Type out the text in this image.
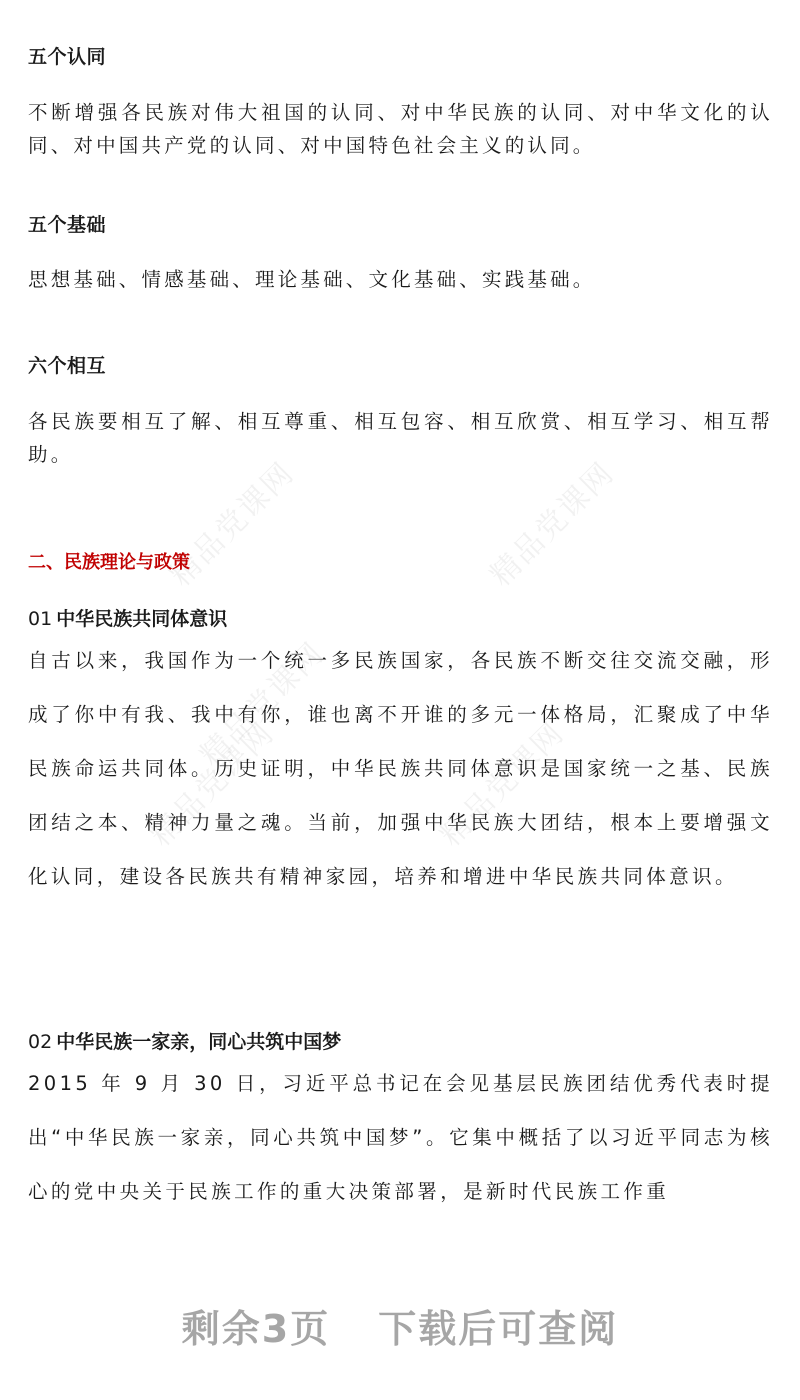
精品党课网	精品党课网
精品党课网	精品党课网
精品党课网
五个认同
不断增强各民族对伟大祖国的认同、对中华民族的认同、对中华文化的认同、对中国共产党的认同、对中国特色社会主义的认同。
五个基础
思想基础、情感基础、理论基础、文化基础、实践基础。
六个相互
各民族要相互了解、相互尊重、相互包容、相互欣赏、相互学习、相互帮助。
二、民族理论与政策
01 中华民族共同体意识
自古以来，我国作为一个统一多民族国家，各民族不断交往交流交融，形成了你中有我、我中有你，谁也离不开谁的多元一体格局，汇聚成了中华民族命运共同体。历史证明，中华民族共同体意识是国家统一之基、民族团结之本、精神力量之魂。当前，加强中华民族大团结，根本上要增强文化认同，建设各民族共有精神家园，培养和增进中华民族共同体意识。
02 中华民族一家亲，同心共筑中国梦
2015 年 9 月 30 日，习近平总书记在会见基层民族团结优秀代表时提出“中华民族一家亲，同心共筑中国梦”。它集中概括了以习近平同志为核心的党中央关于民族工作的重大决策部署，是新时代民族工作重
剩余3页 下载后可查阅
